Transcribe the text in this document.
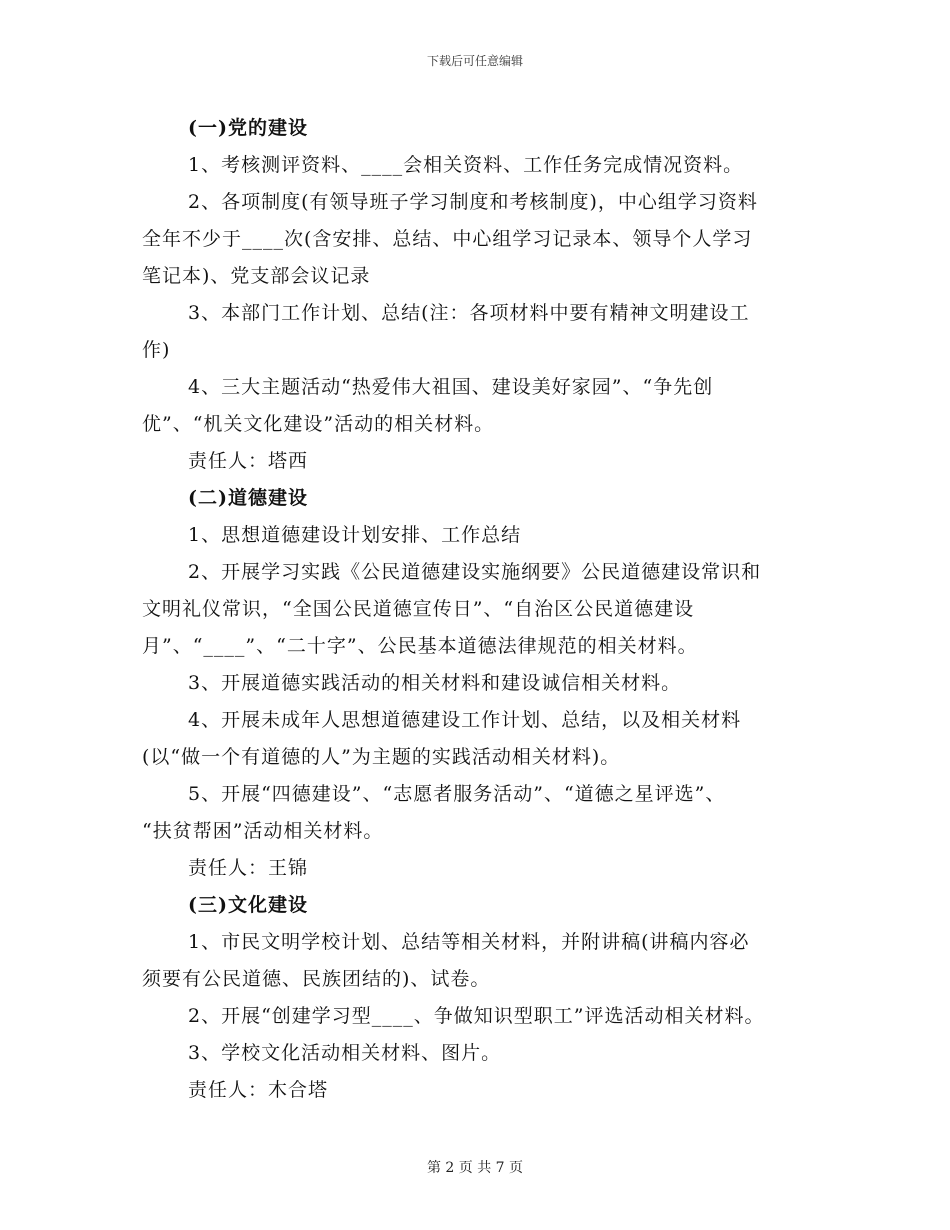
下载后可任意编辑
(一)党的建设
1、考核测评资料、____会相关资料、工作任务完成情况资料。
2、各项制度(有领导班子学习制度和考核制度)，中心组学习资料
全年不少于____次(含安排、总结、中心组学习记录本、领导个人学习
笔记本)、党支部会议记录
3、本部门工作计划、总结(注：各项材料中要有精神文明建设工
作)
4、三大主题活动“热爱伟大祖国、建设美好家园”、“争先创
优”、“机关文化建设”活动的相关材料。
责任人：塔西
(二)道德建设
1、思想道德建设计划安排、工作总结
2、开展学习实践《公民道德建设实施纲要》公民道德建设常识和
文明礼仪常识，“全国公民道德宣传日”、“自治区公民道德建设
月”、“____”、“二十字”、公民基本道德法律规范的相关材料。
3、开展道德实践活动的相关材料和建设诚信相关材料。
4、开展未成年人思想道德建设工作计划、总结，以及相关材料
(以“做一个有道德的人”为主题的实践活动相关材料)。
5、开展“四德建设”、“志愿者服务活动”、“道德之星评选”、
“扶贫帮困”活动相关材料。
责任人：王锦
(三)文化建设
1、市民文明学校计划、总结等相关材料，并附讲稿(讲稿内容必
须要有公民道德、民族团结的)、试卷。
2、开展“创建学习型____、争做知识型职工”评选活动相关材料。
3、学校文化活动相关材料、图片。
责任人：木合塔
第 2 页 共 7 页
